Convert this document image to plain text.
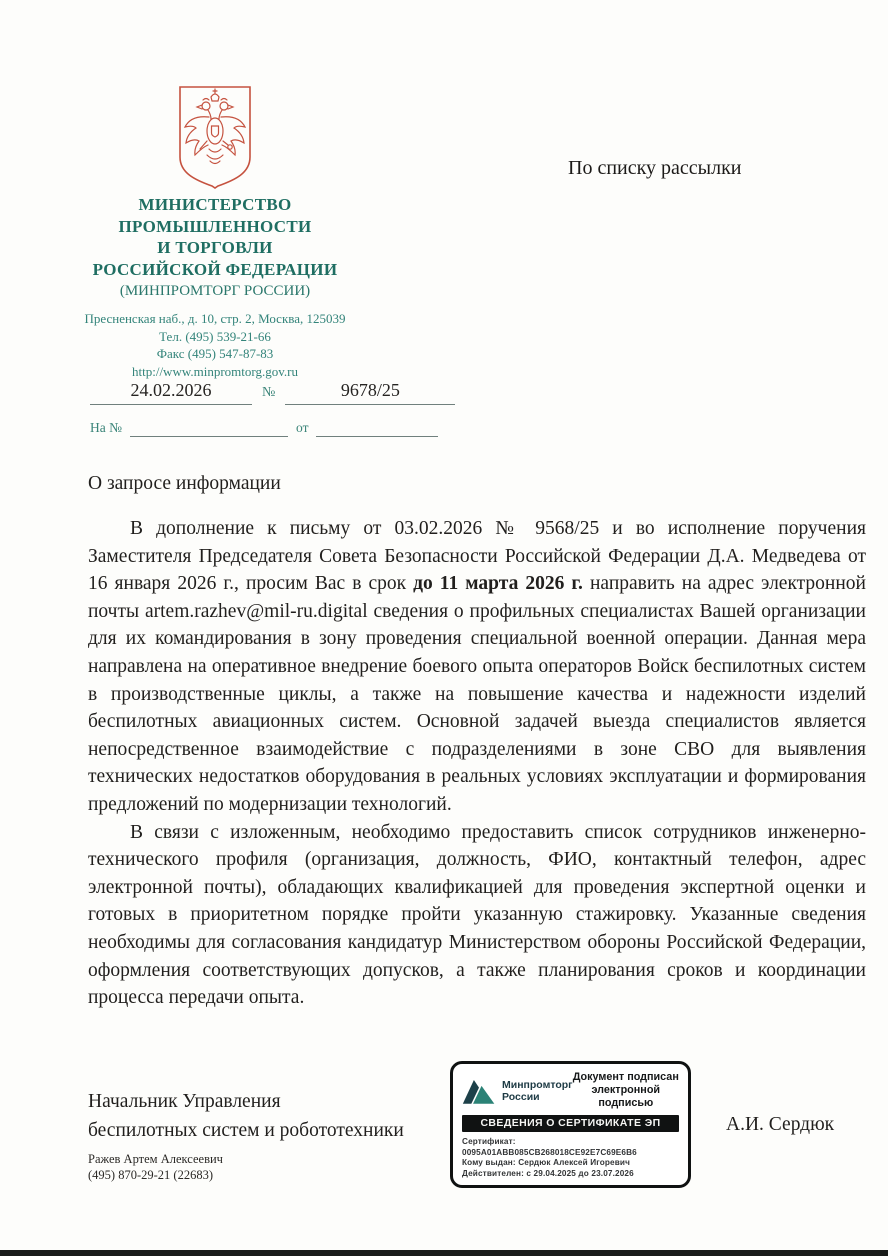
МИНИСТЕРСТВО
ПРОМЫШЛЕННОСТИ
И ТОРГОВЛИ
РОССИЙСКОЙ ФЕДЕРАЦИИ
(МИНПРОМТОРГ РОССИИ)
Пресненская наб., д. 10, стр. 2, Москва, 125039
Тел. (495) 539-21-66
Факс (495) 547-87-83
http://www.minpromtorg.gov.ru
24.02.2026	№	9678/25
На №	от
По списку рассылки
О запросе информации

В дополнение к письму от 03.02.2026 № 9568/25 и во исполнение поручения Заместителя Председателя Совета Безопасности Российской Федерации Д.А. Медведева от 16 января 2026 г., просим Вас в срок до 11 марта 2026 г. направить на адрес электронной почты artem.razhev@mil-ru.digital сведения о профильных специалистах Вашей организации для их командирования в зону проведения специальной военной операции. Данная мера направлена на оперативное внедрение боевого опыта операторов Войск беспилотных систем в производственные циклы, а также на повышение качества и надежности изделий беспилотных авиационных систем. Основной задачей выезда специалистов является непосредственное взаимодействие с подразделениями в зоне СВО для выявления технических недостатков оборудования в реальных условиях эксплуатации и формирования предложений по модернизации технологий.

В связи с изложенным, необходимо предоставить список сотрудников инженерно-технического профиля (организация, должность, ФИО, контактный телефон, адрес электронной почты), обладающих квалификацией для проведения экспертной оценки и готовых в приоритетном порядке пройти указанную стажировку. Указанные сведения необходимы для согласования кандидатур Министерством обороны Российской Федерации, оформления соответствующих допусков, а также планирования сроков и координации процесса передачи опыта.

Начальник Управления
беспилотных систем и робототехники
Минпромторг
России
Документ подписан
электронной подписью
СВЕДЕНИЯ О СЕРТИФИКАТЕ ЭП
Сертификат: 0095A01ABB085CB268018CE92E7C69E6B6
Кому выдан: Сердюк Алексей Игоревич
Действителен: с 29.04.2025 до 23.07.2026
А.И. Сердюк
Ражев Артем Алексеевич
(495) 870-29-21 (22683)
